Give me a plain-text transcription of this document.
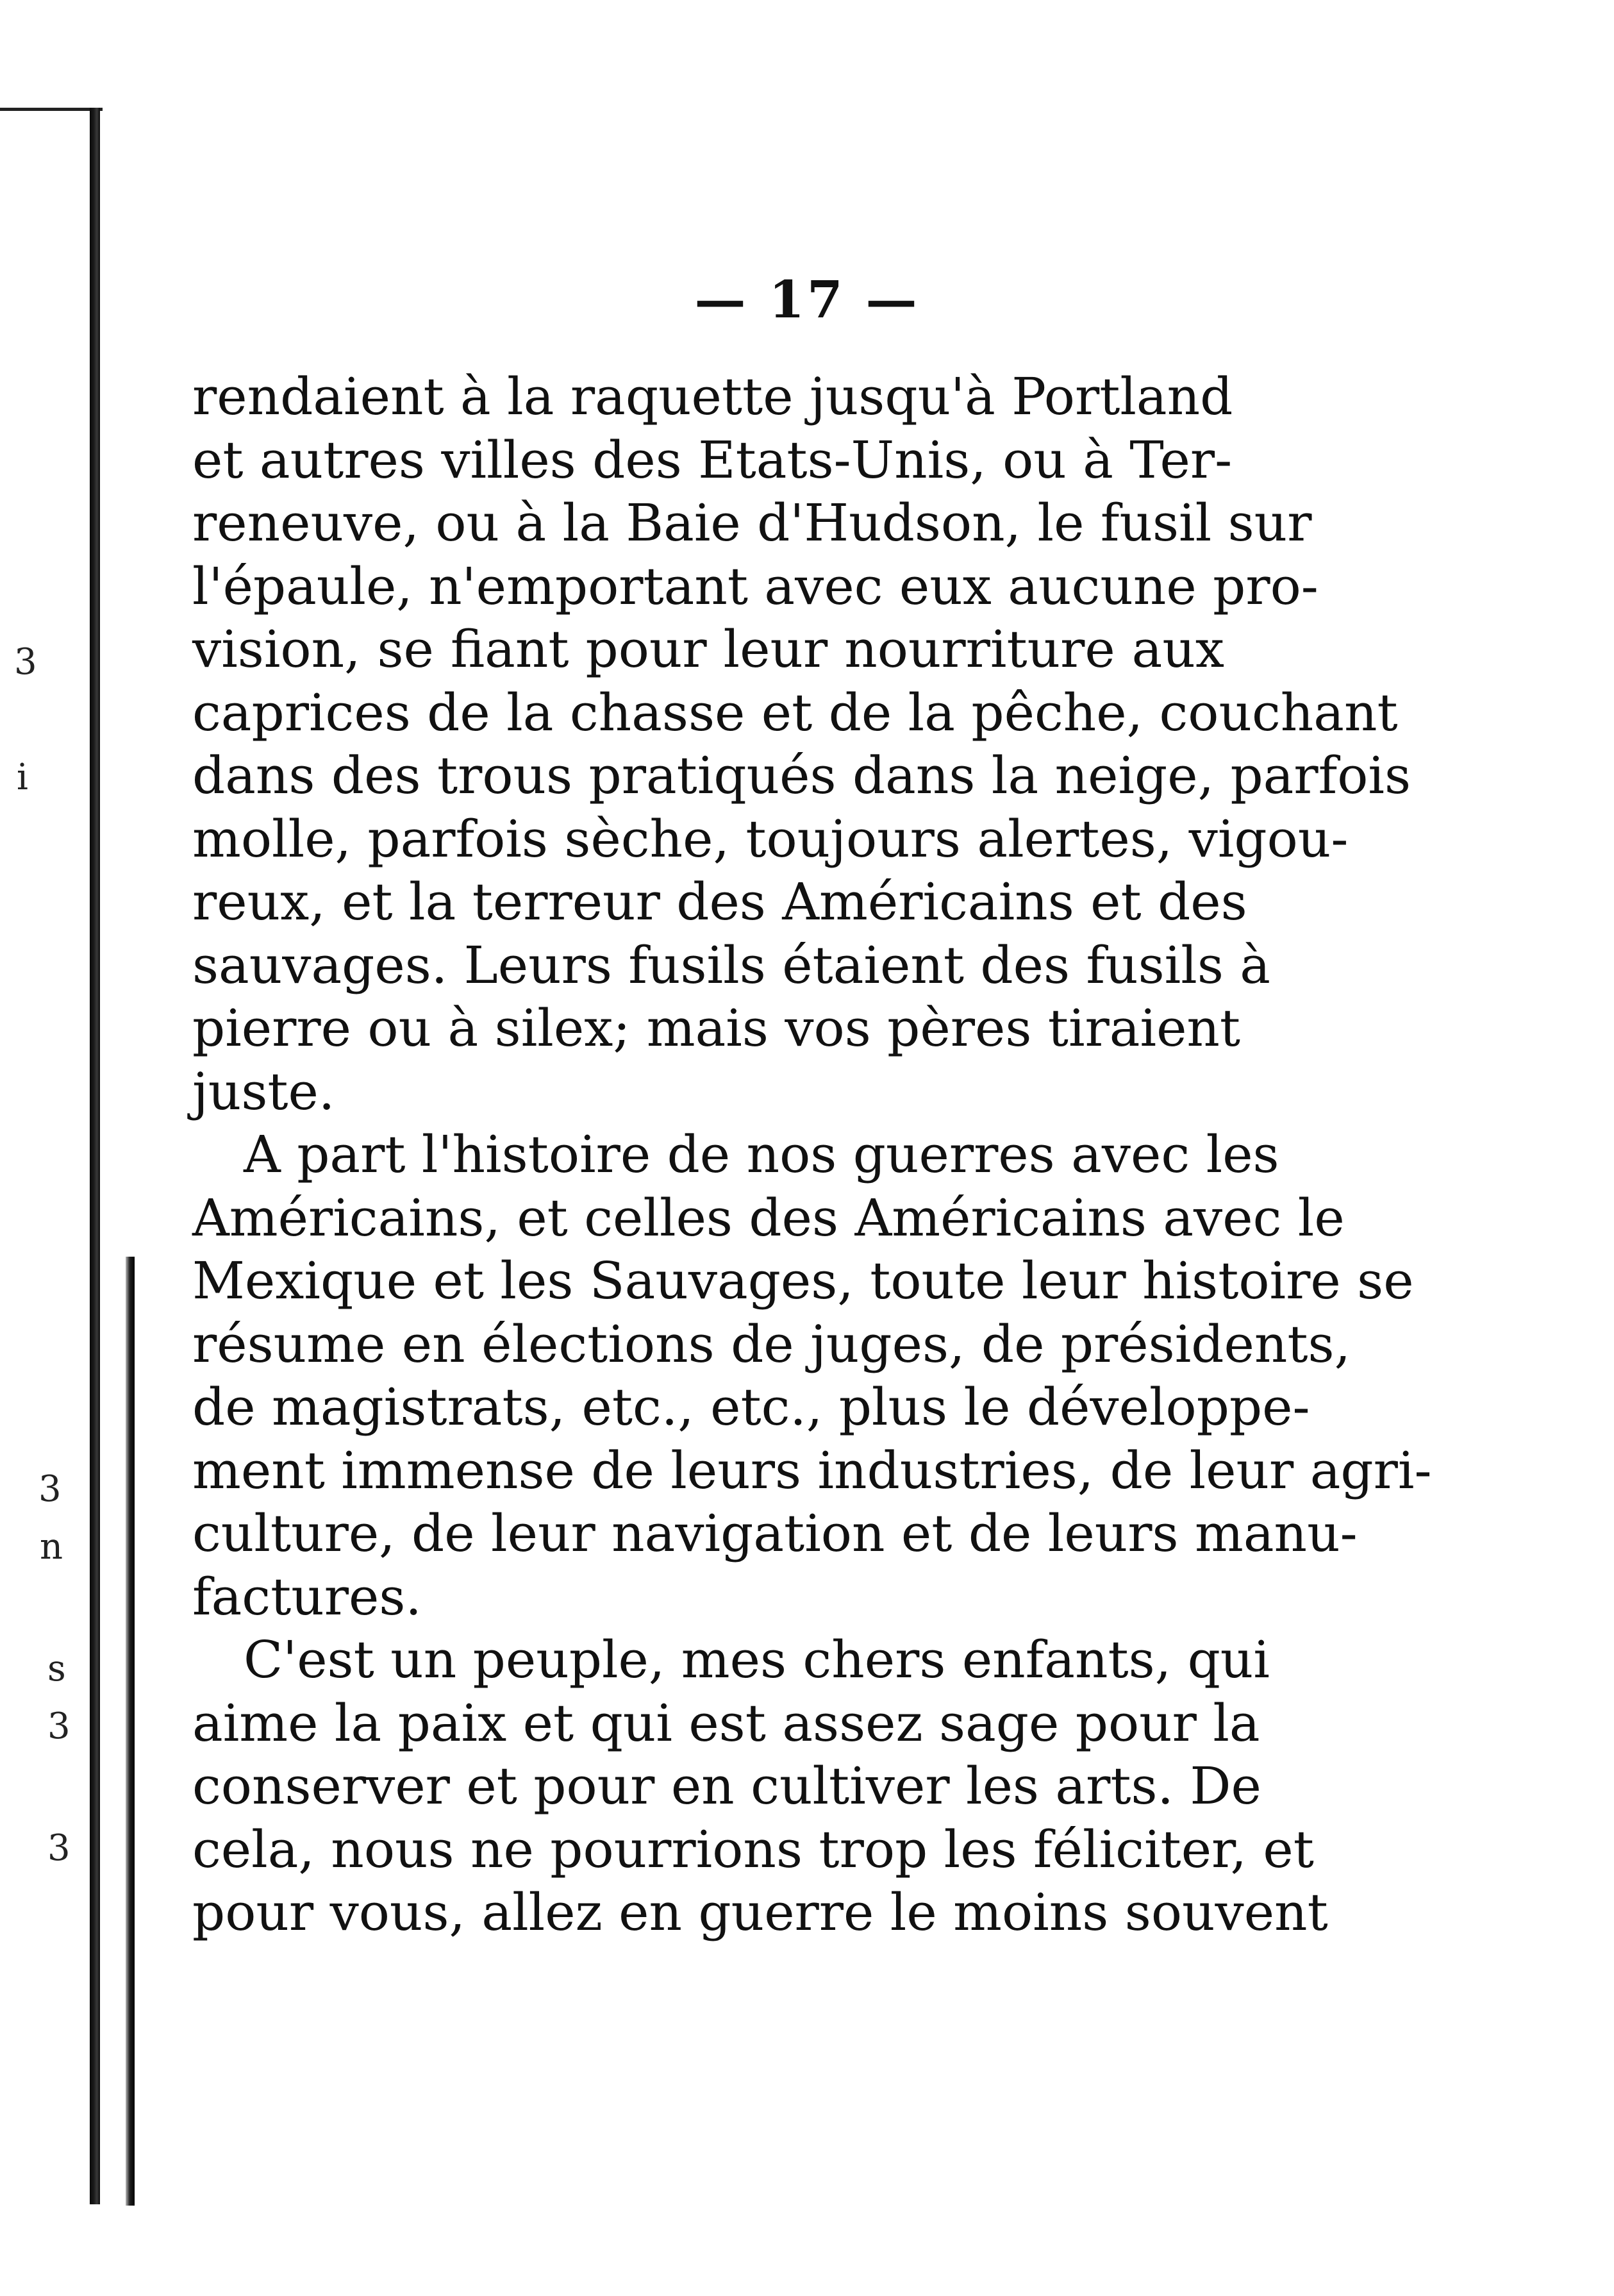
3
i
3
n
s
3
3
— 17 —
rendaient à la raquette jusqu'à Portland
et autres villes des Etats-Unis, ou à Ter-
reneuve, ou à la Baie d'Hudson, le fusil sur
l'épaule, n'emportant avec eux aucune pro-
vision, se fiant pour leur nourriture aux
caprices de la chasse et de la pêche, couchant
dans des trous pratiqués dans la neige, parfois
molle, parfois sèche, toujours alertes, vigou-
reux, et la terreur des Américains et des
sauvages. Leurs fusils étaient des fusils à
pierre ou à silex; mais vos pères tiraient
juste.
A part l'histoire de nos guerres avec les
Américains, et celles des Américains avec le
Mexique et les Sauvages, toute leur histoire se
résume en élections de juges, de présidents,
de magistrats, etc., etc., plus le développe-
ment immense de leurs industries, de leur agri-
culture, de leur navigation et de leurs manu-
factures.
C'est un peuple, mes chers enfants, qui
aime la paix et qui est assez sage pour la
conserver et pour en cultiver les arts. De
cela, nous ne pourrions trop les féliciter, et
pour vous, allez en guerre le moins souvent
